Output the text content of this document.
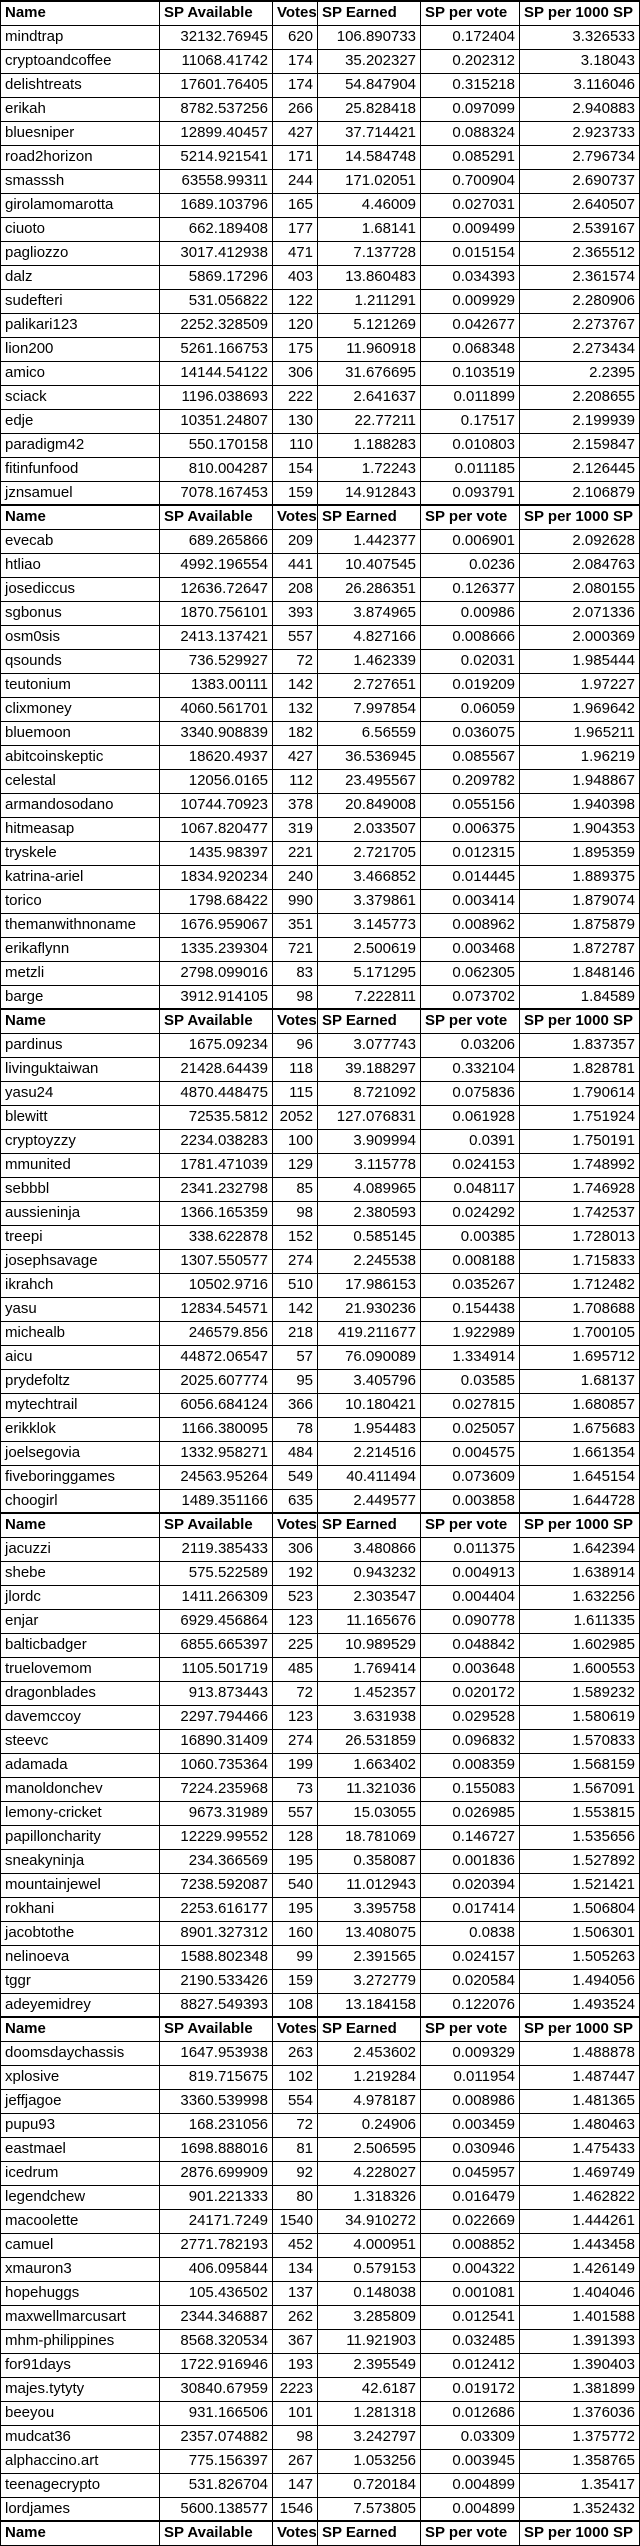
Name	SP Available	Votes	SP Earned	SP per vote	SP per 1000 SP
mindtrap	32132.76945	620	106.890733	0.172404	3.326533
cryptoandcoffee	11068.41742	174	35.202327	0.202312	3.18043
delishtreats	17601.76405	174	54.847904	0.315218	3.116046
erikah	8782.537256	266	25.828418	0.097099	2.940883
bluesniper	12899.40457	427	37.714421	0.088324	2.923733
road2horizon	5214.921541	171	14.584748	0.085291	2.796734
smasssh	63558.99311	244	171.02051	0.700904	2.690737
girolamomarotta	1689.103796	165	4.46009	0.027031	2.640507
ciuoto	662.189408	177	1.68141	0.009499	2.539167
pagliozzo	3017.412938	471	7.137728	0.015154	2.365512
dalz	5869.17296	403	13.860483	0.034393	2.361574
sudefteri	531.056822	122	1.211291	0.009929	2.280906
palikari123	2252.328509	120	5.121269	0.042677	2.273767
lion200	5261.166753	175	11.960918	0.068348	2.273434
amico	14144.54122	306	31.676695	0.103519	2.2395
sciack	1196.038693	222	2.641637	0.011899	2.208655
edje	10351.24807	130	22.77211	0.17517	2.199939
paradigm42	550.170158	110	1.188283	0.010803	2.159847
fitinfunfood	810.004287	154	1.72243	0.011185	2.126445
jznsamuel	7078.167453	159	14.912843	0.093791	2.106879
Name	SP Available	Votes	SP Earned	SP per vote	SP per 1000 SP
evecab	689.265866	209	1.442377	0.006901	2.092628
htliao	4992.196554	441	10.407545	0.0236	2.084763
josediccus	12636.72647	208	26.286351	0.126377	2.080155
sgbonus	1870.756101	393	3.874965	0.00986	2.071336
osm0sis	2413.137421	557	4.827166	0.008666	2.000369
qsounds	736.529927	72	1.462339	0.02031	1.985444
teutonium	1383.00111	142	2.727651	0.019209	1.97227
clixmoney	4060.561701	132	7.997854	0.06059	1.969642
bluemoon	3340.908839	182	6.56559	0.036075	1.965211
abitcoinskeptic	18620.4937	427	36.536945	0.085567	1.96219
celestal	12056.0165	112	23.495567	0.209782	1.948867
armandosodano	10744.70923	378	20.849008	0.055156	1.940398
hitmeasap	1067.820477	319	2.033507	0.006375	1.904353
tryskele	1435.98397	221	2.721705	0.012315	1.895359
katrina-ariel	1834.920234	240	3.466852	0.014445	1.889375
torico	1798.68422	990	3.379861	0.003414	1.879074
themanwithnoname	1676.959067	351	3.145773	0.008962	1.875879
erikaflynn	1335.239304	721	2.500619	0.003468	1.872787
metzli	2798.099016	83	5.171295	0.062305	1.848146
barge	3912.914105	98	7.222811	0.073702	1.84589
Name	SP Available	Votes	SP Earned	SP per vote	SP per 1000 SP
pardinus	1675.09234	96	3.077743	0.03206	1.837357
livinguktaiwan	21428.64439	118	39.188297	0.332104	1.828781
yasu24	4870.448475	115	8.721092	0.075836	1.790614
blewitt	72535.5812	2052	127.076831	0.061928	1.751924
cryptoyzzy	2234.038283	100	3.909994	0.0391	1.750191
mmunited	1781.471039	129	3.115778	0.024153	1.748992
sebbbl	2341.232798	85	4.089965	0.048117	1.746928
aussieninja	1366.165359	98	2.380593	0.024292	1.742537
treepi	338.622878	152	0.585145	0.00385	1.728013
josephsavage	1307.550577	274	2.245538	0.008188	1.715833
ikrahch	10502.9716	510	17.986153	0.035267	1.712482
yasu	12834.54571	142	21.930236	0.154438	1.708688
michealb	246579.856	218	419.211677	1.922989	1.700105
aicu	44872.06547	57	76.090089	1.334914	1.695712
prydefoltz	2025.607774	95	3.405796	0.03585	1.68137
mytechtrail	6056.684124	366	10.180421	0.027815	1.680857
erikklok	1166.380095	78	1.954483	0.025057	1.675683
joelsegovia	1332.958271	484	2.214516	0.004575	1.661354
fiveboringgames	24563.95264	549	40.411494	0.073609	1.645154
choogirl	1489.351166	635	2.449577	0.003858	1.644728
Name	SP Available	Votes	SP Earned	SP per vote	SP per 1000 SP
jacuzzi	2119.385433	306	3.480866	0.011375	1.642394
shebe	575.522589	192	0.943232	0.004913	1.638914
jlordc	1411.266309	523	2.303547	0.004404	1.632256
enjar	6929.456864	123	11.165676	0.090778	1.611335
balticbadger	6855.665397	225	10.989529	0.048842	1.602985
truelovemom	1105.501719	485	1.769414	0.003648	1.600553
dragonblades	913.873443	72	1.452357	0.020172	1.589232
davemccoy	2297.794466	123	3.631938	0.029528	1.580619
steevc	16890.31409	274	26.531859	0.096832	1.570833
adamada	1060.735364	199	1.663402	0.008359	1.568159
manoldonchev	7224.235968	73	11.321036	0.155083	1.567091
lemony-cricket	9673.31989	557	15.03055	0.026985	1.553815
papilloncharity	12229.99552	128	18.781069	0.146727	1.535656
sneakyninja	234.366569	195	0.358087	0.001836	1.527892
mountainjewel	7238.592087	540	11.012943	0.020394	1.521421
rokhani	2253.616177	195	3.395758	0.017414	1.506804
jacobtothe	8901.327312	160	13.408075	0.0838	1.506301
nelinoeva	1588.802348	99	2.391565	0.024157	1.505263
tggr	2190.533426	159	3.272779	0.020584	1.494056
adeyemidrey	8827.549393	108	13.184158	0.122076	1.493524
Name	SP Available	Votes	SP Earned	SP per vote	SP per 1000 SP
doomsdaychassis	1647.953938	263	2.453602	0.009329	1.488878
xplosive	819.715675	102	1.219284	0.011954	1.487447
jeffjagoe	3360.539998	554	4.978187	0.008986	1.481365
pupu93	168.231056	72	0.24906	0.003459	1.480463
eastmael	1698.888016	81	2.506595	0.030946	1.475433
icedrum	2876.699909	92	4.228027	0.045957	1.469749
legendchew	901.221333	80	1.318326	0.016479	1.462822
macoolette	24171.7249	1540	34.910272	0.022669	1.444261
camuel	2771.782193	452	4.000951	0.008852	1.443458
xmauron3	406.095844	134	0.579153	0.004322	1.426149
hopehuggs	105.436502	137	0.148038	0.001081	1.404046
maxwellmarcusart	2344.346887	262	3.285809	0.012541	1.401588
mhm-philippines	8568.320534	367	11.921903	0.032485	1.391393
for91days	1722.916946	193	2.395549	0.012412	1.390403
majes.tytyty	30840.67959	2223	42.6187	0.019172	1.381899
beeyou	931.166506	101	1.281318	0.012686	1.376036
mudcat36	2357.074882	98	3.242797	0.03309	1.375772
alphaccino.art	775.156397	267	1.053256	0.003945	1.358765
teenagecrypto	531.826704	147	0.720184	0.004899	1.35417
lordjames	5600.138577	1546	7.573805	0.004899	1.352432
Name	SP Available	Votes	SP Earned	SP per vote	SP per 1000 SP
